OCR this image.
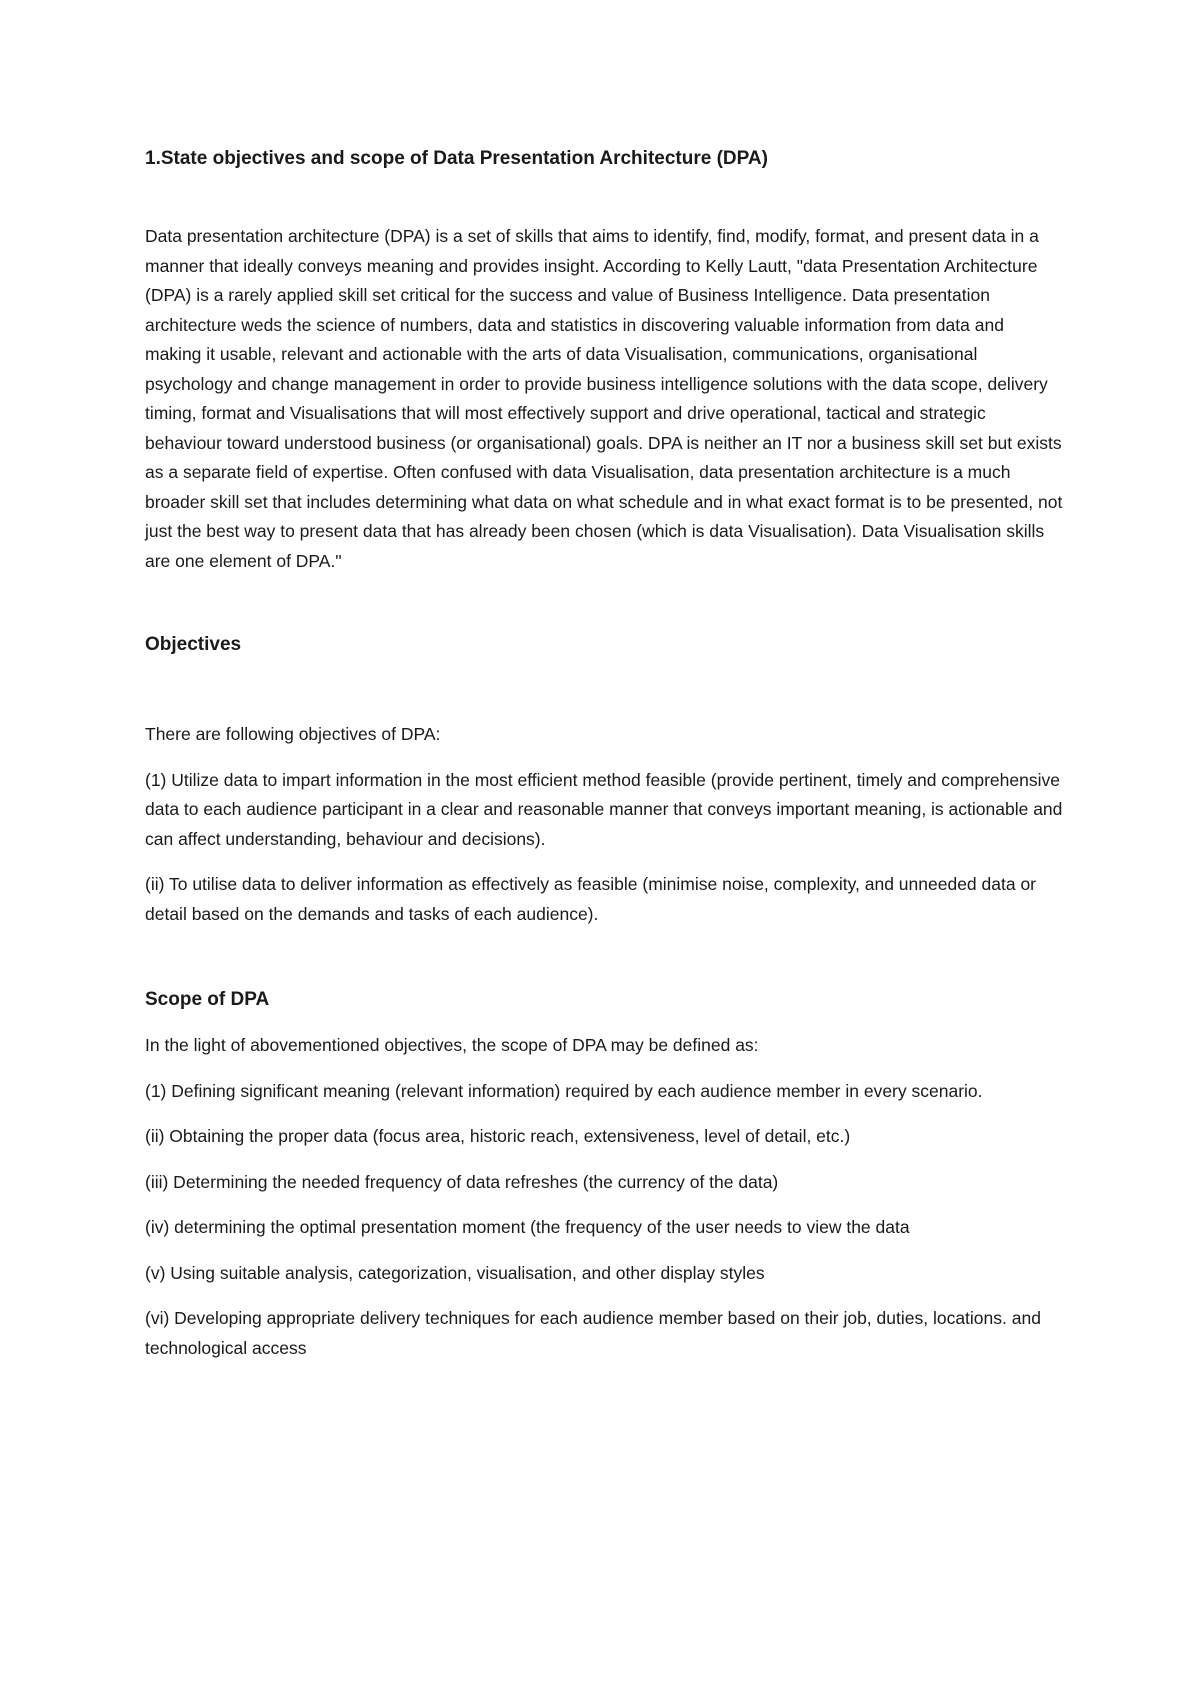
1.State objectives and scope of Data Presentation Architecture (DPA)

Data presentation architecture (DPA) is a set of skills that aims to identify, find, modify, format, and present data in a manner that ideally conveys meaning and provides insight. According to Kelly Lautt, "data Presentation Architecture (DPA) is a rarely applied skill set critical for the success and value of Business Intelligence. Data presentation architecture weds the science of numbers, data and statistics in discovering valuable information from data and making it usable, relevant and actionable with the arts of data Visualisation, communications, organisational psychology and change management in order to provide business intelligence solutions with the data scope, delivery timing, format and Visualisations that will most effectively support and drive operational, tactical and strategic behaviour toward understood business (or organisational) goals. DPA is neither an IT nor a business skill set but exists as a separate field of expertise. Often confused with data Visualisation, data presentation architecture is a much broader skill set that includes determining what data on what schedule and in what exact format is to be presented, not just the best way to present data that has already been chosen (which is data Visualisation). Data Visualisation skills are one element of DPA."

Objectives

There are following objectives of DPA:

(1) Utilize data to impart information in the most efficient method feasible (provide pertinent, timely and comprehensive data to each audience participant in a clear and reasonable manner that conveys important meaning, is actionable and can affect understanding, behaviour and decisions).

(ii) To utilise data to deliver information as effectively as feasible (minimise noise, complexity, and unneeded data or detail based on the demands and tasks of each audience).

Scope of DPA

In the light of abovementioned objectives, the scope of DPA may be defined as:

(1) Defining significant meaning (relevant information) required by each audience member in every scenario.

(ii) Obtaining the proper data (focus area, historic reach, extensiveness, level of detail, etc.)

(iii) Determining the needed frequency of data refreshes (the currency of the data)

(iv) determining the optimal presentation moment (the frequency of the user needs to view the data

(v) Using suitable analysis, categorization, visualisation, and other display styles

(vi) Developing appropriate delivery techniques for each audience member based on their job, duties, locations. and technological access
